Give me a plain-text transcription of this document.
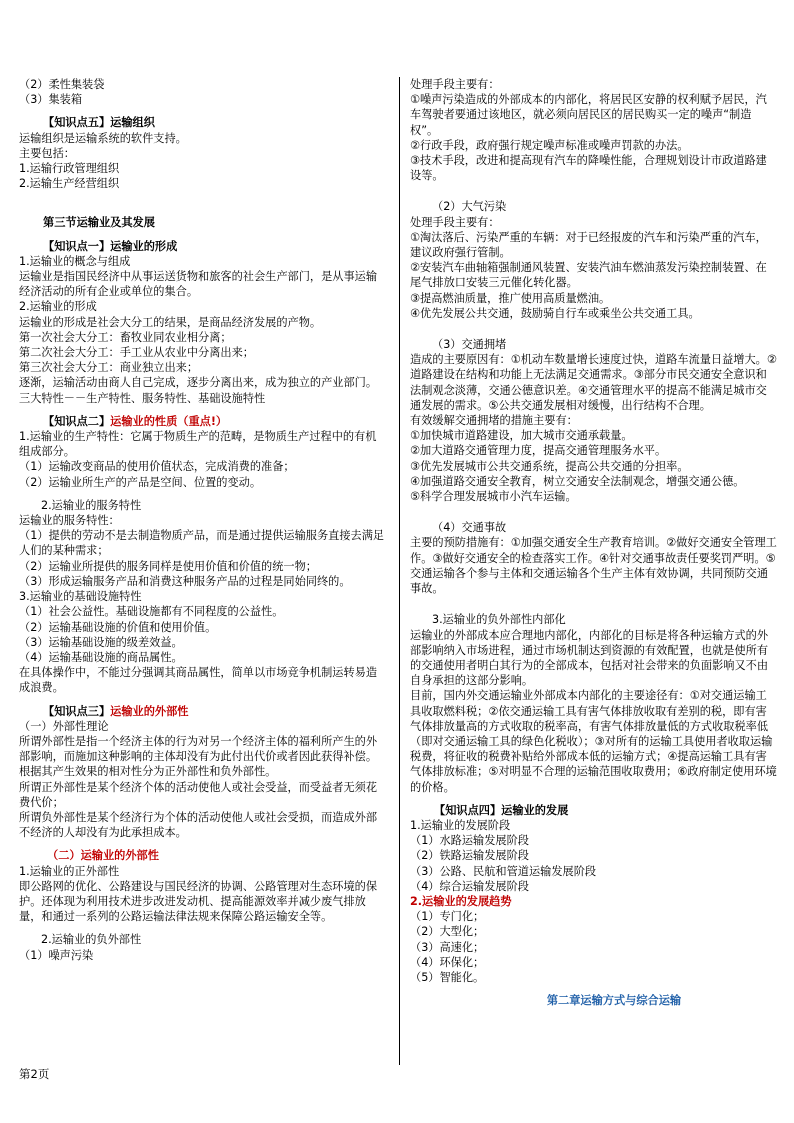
（2）柔性集装袋
（3）集装箱
【知识点五】运输组织
运输组织是运输系统的软件支持。
主要包括：
1.运输行政管理组织
2.运输生产经营组织
第三节运输业及其发展
【知识点一】运输业的形成
1.运输业的概念与组成
运输业是指国民经济中从事运送货物和旅客的社会生产部门，是从事运输经济活动的所有企业或单位的集合。
2.运输业的形成
运输业的形成是社会大分工的结果，是商品经济发展的产物。
第一次社会大分工：畜牧业同农业相分离；
第二次社会大分工：手工业从农业中分离出来；
第三次社会大分工：商业独立出来；
逐渐，运输活动由商人自己完成，逐步分离出来，成为独立的产业部门。
三大特性－－生产特性、服务特性、基础设施特性
【知识点二】运输业的性质（重点!）
1.运输业的生产特性：它属于物质生产的范畴，是物质生产过程中的有机组成部分。
（1）运输改变商品的使用价值状态，完成消费的准备；
（2）运输业所生产的产品是空间、位置的变动。
2.运输业的服务特性
运输业的服务特性：
（1）提供的劳动不是去制造物质产品，而是通过提供运输服务直接去满足人们的某种需求；
（2）运输业所提供的服务同样是使用价值和价值的统一物；
（3）形成运输服务产品和消费这种服务产品的过程是同始同终的。
3.运输业的基础设施特性
（1）社会公益性。基础设施都有不同程度的公益性。
（2）运输基础设施的价值和使用价值。
（3）运输基础设施的级差效益。
（4）运输基础设施的商品属性。
在具体操作中，不能过分强调其商品属性，简单以市场竞争机制运转易造成浪费。
【知识点三】运输业的外部性
（一）外部性理论
所谓外部性是指一个经济主体的行为对另一个经济主体的福利所产生的外部影响，而施加这种影响的主体却没有为此付出代价或者因此获得补偿。
根据其产生效果的相对性分为正外部性和负外部性。
所谓正外部性是某个经济个体的活动使他人或社会受益，而受益者无须花费代价；
所谓负外部性是某个经济行为个体的活动使他人或社会受损，而造成外部不经济的人却没有为此承担成本。
（二）运输业的外部性
1.运输业的正外部性
即公路网的优化、公路建设与国民经济的协调、公路管理对生态环境的保护。还体现为利用技术进步改进发动机、提高能源效率并减少废气排放量，和通过一系列的公路运输法律法规来保障公路运输安全等。
2.运输业的负外部性
（1）噪声污染
处理手段主要有：
①噪声污染造成的外部成本的内部化，将居民区安静的权利赋予居民，汽车驾驶者要通过该地区，就必须向居民区的居民购买一定的噪声“制造权”。
②行政手段，政府强行规定噪声标准或噪声罚款的办法。
③技术手段，改进和提高现有汽车的降噪性能，合理规划设计市政道路建设等。
（2）大气污染
处理手段主要有：
①淘汰落后、污染严重的车辆：对于已经报废的汽车和污染严重的汽车，建议政府强行管制。
②安装汽车曲轴箱强制通风装置、安装汽油车燃油蒸发污染控制装置、在尾气排放口安装三元催化转化器。
③提高燃油质量，推广使用高质量燃油。
④优先发展公共交通，鼓励骑自行车或乘坐公共交通工具。
（3）交通拥堵
造成的主要原因有：①机动车数量增长速度过快，道路车流量日益增大。②道路建设在结构和功能上无法满足交通需求。③部分市民交通安全意识和法制观念淡薄，交通公德意识差。④交通管理水平的提高不能满足城市交通发展的需求。⑤公共交通发展相对缓慢，出行结构不合理。
有效缓解交通拥堵的措施主要有：
①加快城市道路建设，加大城市交通承载量。
②加大道路交通管理力度，提高交通管理服务水平。
③优先发展城市公共交通系统，提高公共交通的分担率。
④加强道路交通安全教育，树立交通安全法制观念，增强交通公德。
⑤科学合理发展城市小汽车运输。
（4）交通事故
主要的预防措施有：①加强交通安全生产教育培训。②做好交通安全管理工作。③做好交通安全的检查落实工作。④针对交通事故责任要奖罚严明。⑤交通运输各个参与主体和交通运输各个生产主体有效协调，共同预防交通事故。
3.运输业的负外部性内部化
运输业的外部成本应合理地内部化，内部化的目标是将各种运输方式的外部影响纳入市场进程，通过市场机制达到资源的有效配置，也就是使所有的交通使用者明白其行为的全部成本，包括对社会带来的负面影响又不由自身承担的这部分影响。
目前，国内外交通运输业外部成本内部化的主要途径有：①对交通运输工具收取燃料税；②依交通运输工具有害气体排放收取有差别的税，即有害气体排放量高的方式收取的税率高，有害气体排放量低的方式收取税率低（即对交通运输工具的绿色化税收）；③对所有的运输工具使用者收取运输税费，将征收的税费补贴给外部成本低的运输方式；④提高运输工具有害气体排放标准；⑤对明显不合理的运输范围收取费用；⑥政府制定使用环境的价格。
【知识点四】运输业的发展
1.运输业的发展阶段
（1）水路运输发展阶段
（2）铁路运输发展阶段
（3）公路、民航和管道运输发展阶段
（4）综合运输发展阶段
2.运输业的发展趋势
（1）专门化；
（2）大型化；
（3）高速化；
（4）环保化；
（5）智能化。
第二章运输方式与综合运输
第2页
